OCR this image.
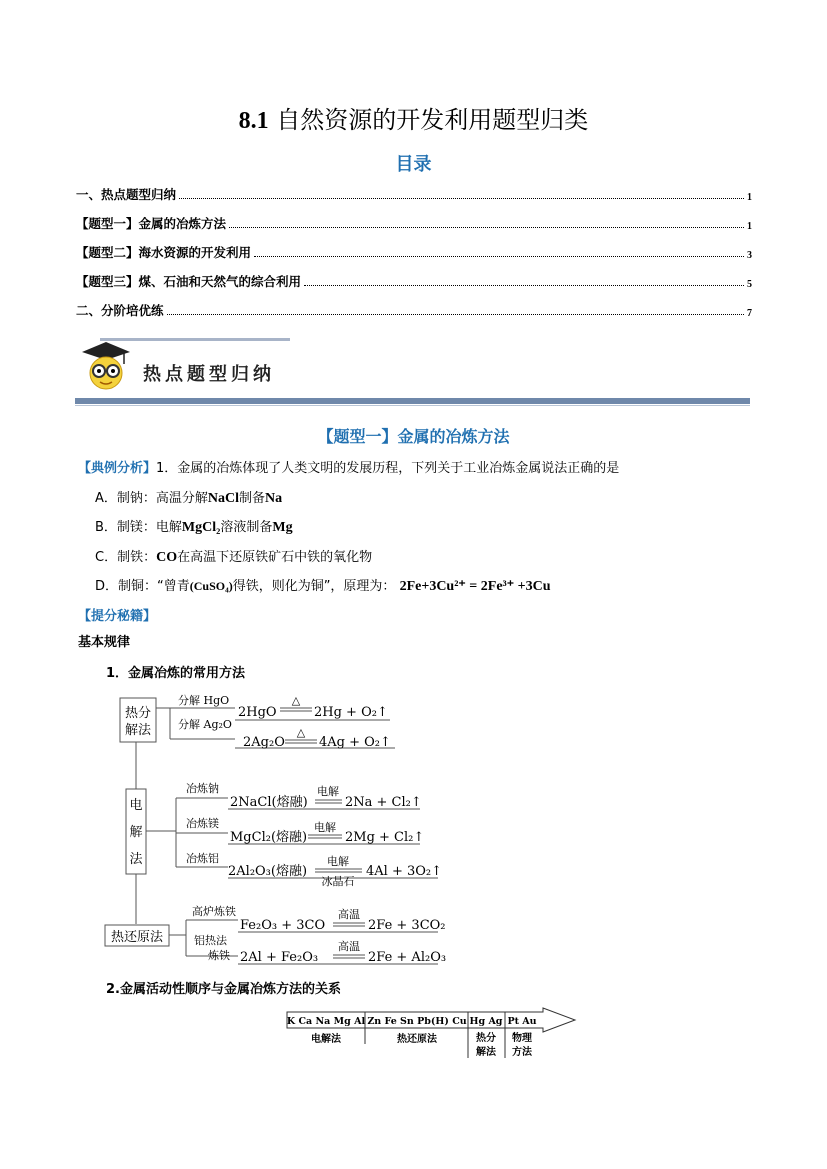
8.1 自然资源的开发利用题型归类
目录
一、热点题型归纳	1
【题型一】金属的冶炼方法	1
【题型二】海水资源的开发利用	3
【题型三】煤、石油和天然气的综合利用	5
二、分阶培优练	7
热点题型归纳
【题型一】金属的冶炼方法
【典例分析】1．金属的冶炼体现了人类文明的发展历程，下列关于工业冶炼金属说法正确的是
A．制钠：高温分解NaCl制备Na
B．制镁：电解MgCl₂溶液制备Mg
C．制铁：CO在高温下还原铁矿石中铁的氧化物
D．制铜：“曾青(CuSO₄)得铁，则化为铜”，原理为： 2Fe+3Cu²⁺ = 2Fe³⁺ +3Cu
【提分秘籍】
基本规律
1．金属冶炼的常用方法
热分
解法
电
解
法
热还原法
分解 HgO
分解 Ag₂O
冶炼钠
冶炼镁
冶炼铝
高炉炼铁
铝热法
炼铁
2HgO
△
2Hg + O₂↑
2Ag₂O
△
4Ag + O₂↑
2NaCl(熔融)
电解
2Na + Cl₂↑
MgCl₂(熔融)
电解
2Mg + Cl₂↑
2Al₂O₃(熔融)
电解
冰晶石
4Al + 3O₂↑
Fe₂O₃ + 3CO
高温
2Fe + 3CO₂
2Al + Fe₂O₃
高温
2Fe + Al₂O₃
2.金属活动性顺序与金属冶炼方法的关系
K Ca Na Mg Al Zn Fe Sn Pb(H) Cu Hg Ag Pt Au
电解法	热还原法	热分
解法
物理
方法
